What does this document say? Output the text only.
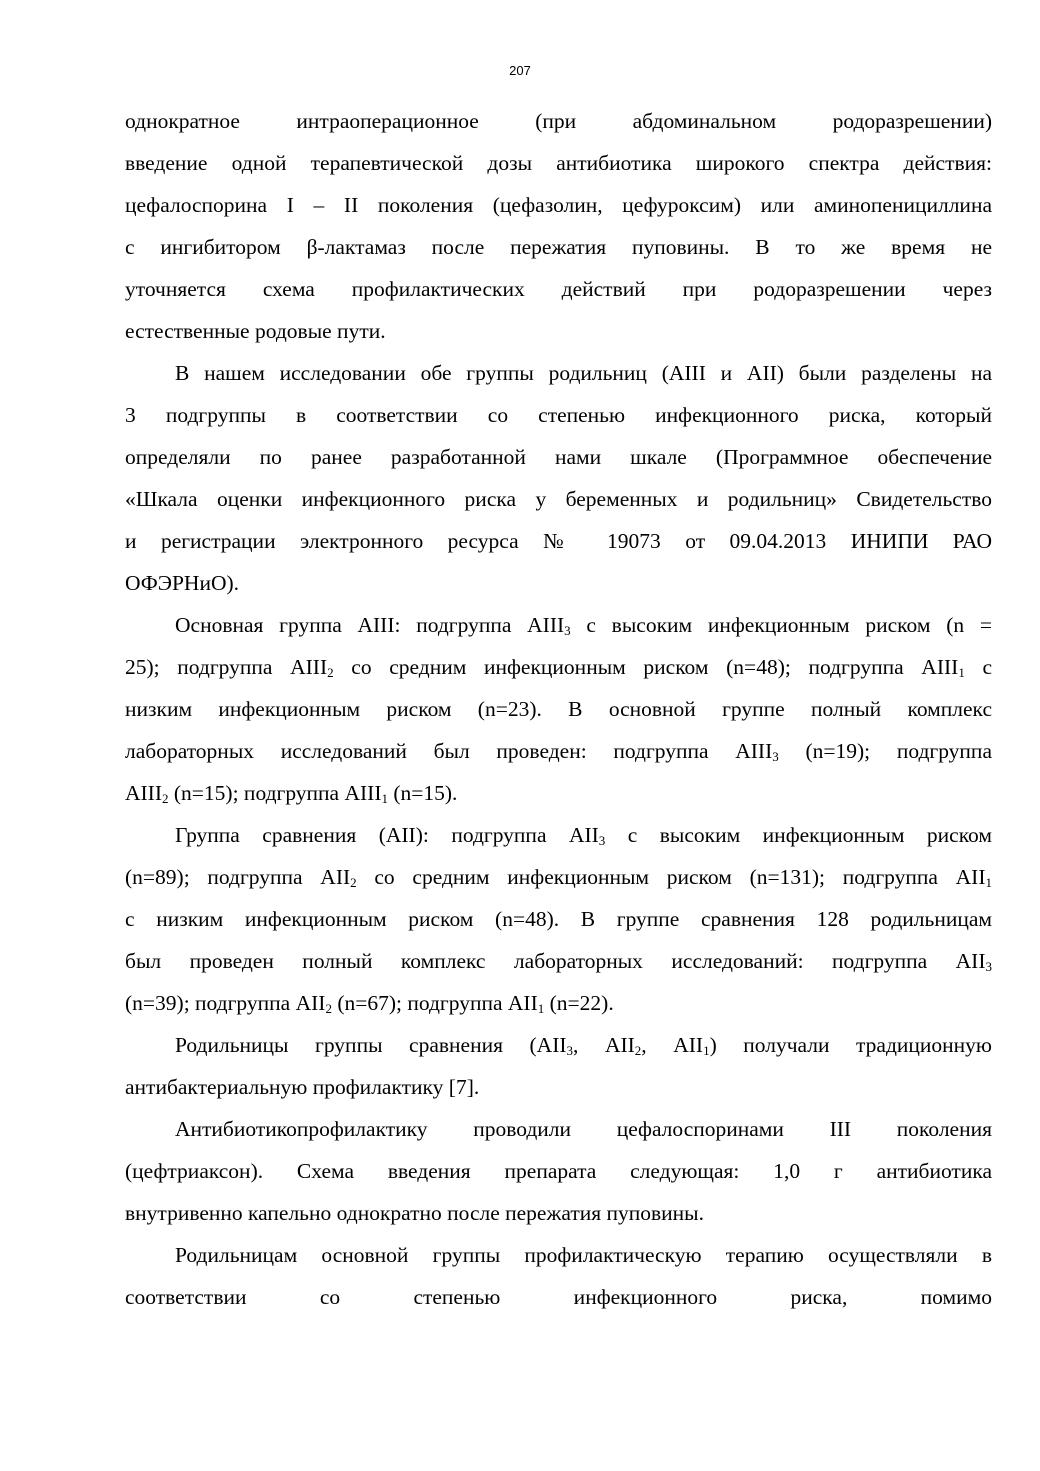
207

однократное интраоперационное (при абдоминальном родоразрешении)
введение одной терапевтической дозы антибиотика широкого спектра действия:
цефалоспорина I – II поколения (цефазолин, цефуроксим) или аминопенициллина
с ингибитором β-лактамаз после пережатия пуповины. В то же время не
уточняется схема профилактических действий при родоразрешении через
естественные родовые пути.

В нашем исследовании обе группы родильниц (АIII и АII) были разделены на
3 подгруппы в соответствии со степенью инфекционного риска, который
определяли по ранее разработанной нами шкале (Программное обеспечение
«Шкала оценки инфекционного риска у беременных и родильниц» Свидетельство
и регистрации электронного ресурса № 19073 от 09.04.2013 ИНИПИ РАО
ОФЭРНиО).

Основная группа АIII: подгруппа $АIII_3$ с высоким инфекционным риском (n =
25); подгруппа $АIII_2$ со средним инфекционным риском (n=48); подгруппа $АIII_1$ с
низким инфекционным риском (n=23). В основной группе полный комплекс
лабораторных исследований был проведен: подгруппа $АIII_3$ (n=19); подгруппа
$АIII_2$ (n=15); подгруппа $АIII_1$ (n=15).

Группа сравнения (АII): подгруппа $АII_3$ с высоким инфекционным риском
(n=89); подгруппа $АII_2$ со средним инфекционным риском (n=131); подгруппа $АII_1$
с низким инфекционным риском (n=48). В группе сравнения 128 родильницам
был проведен полный комплекс лабораторных исследований: подгруппа $АII_3$
(n=39); подгруппа $АII_2$ (n=67); подгруппа $АII_1$ (n=22).

Родильницы группы сравнения ($АII_3$, $АII_2$, $АII_1$) получали традиционную
антибактериальную профилактику [7].

Антибиотикопрофилактику проводили цефалоспоринами III поколения
(цефтриаксон). Схема введения препарата следующая: 1,0 г антибиотика
внутривенно капельно однократно после пережатия пуповины.

Родильницам основной группы профилактическую терапию осуществляли в
соответствии со степенью инфекционного риска, помимо
